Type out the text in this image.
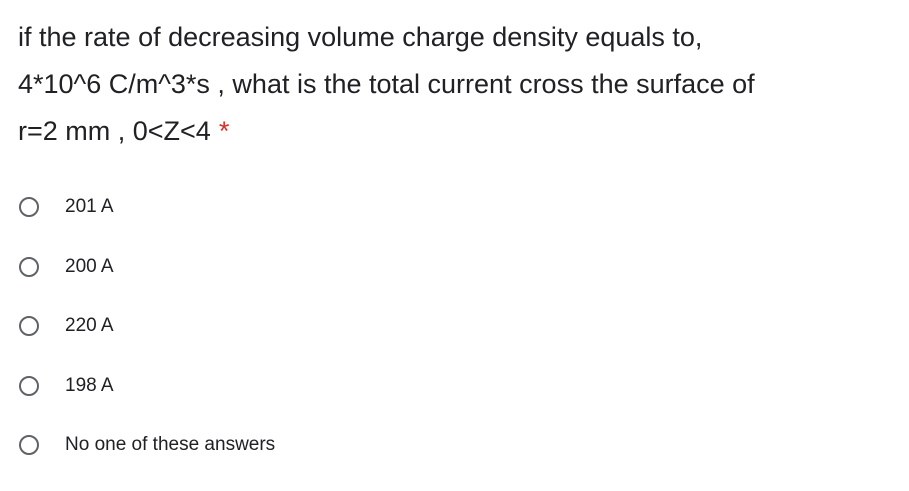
if the rate of decreasing volume charge density equals to,
4*10^6 C/m^3*s , what is the total current cross the surface of
r=2 mm , 0<Z<4 *
201 A
200 A
220 A
198 A
No one of these answers
